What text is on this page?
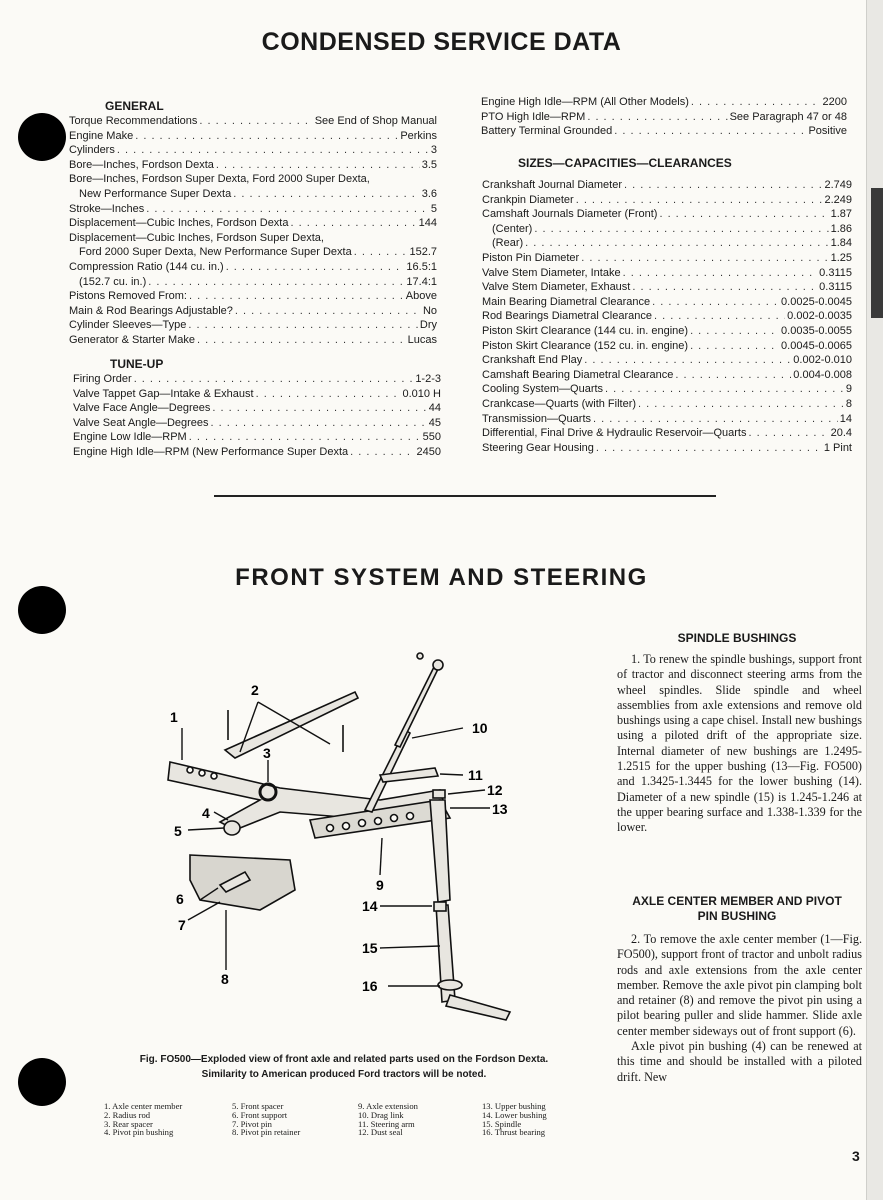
CONDENSED SERVICE DATA
GENERAL
Torque Recommendations . . .	See End of Shop Manual
Engine Make . . .	Perkins
Cylinders . . .	3
Bore—Inches, Fordson Dexta . . .	3.5
Bore—Inches, Fordson Super Dexta, Ford 2000 Super Dexta,
New Performance Super Dexta . . .	3.6
Stroke—Inches . . .	5
Displacement—Cubic Inches, Fordson Dexta . . .	144
Displacement—Cubic Inches, Fordson Super Dexta,
Ford 2000 Super Dexta, New Performance Super Dexta . . .	152.7
Compression Ratio (144 cu. in.) . . .	16.5:1
(152.7 cu. in.) . . .	17.4:1
Pistons Removed From: . . .	Above
Main & Rod Bearings Adjustable? . . .	No
Cylinder Sleeves—Type . . .	Dry
Generator & Starter Make . . .	Lucas
TUNE-UP
Firing Order . . .	1-2-3
Valve Tappet Gap—Intake & Exhaust . . .	0.010 H
Valve Face Angle—Degrees . . .	44
Valve Seat Angle—Degrees . . .	45
Engine Low Idle—RPM . . .	550
Engine High Idle—RPM (New Performance Super Dexta . . .	2450
Engine High Idle—RPM (All Other Models) . . .	2200
PTO High Idle—RPM . . .	See Paragraph 47 or 48
Battery Terminal Grounded . . .	Positive
SIZES—CAPACITIES—CLEARANCES
Crankshaft Journal Diameter . . .	2.749
Crankpin Diameter . . .	2.249
Camshaft Journals Diameter (Front) . . .	1.87
(Center) . . .	1.86
(Rear) . . .	1.84
Piston Pin Diameter . . .	1.25
Valve Stem Diameter, Intake . . .	0.3115
Valve Stem Diameter, Exhaust . . .	0.3115
Main Bearing Diametral Clearance . . .	0.0025-0.0045
Rod Bearings Diametral Clearance . . .	0.002-0.0035
Piston Skirt Clearance (144 cu. in. engine) . . .	0.0035-0.0055
Piston Skirt Clearance (152 cu. in. engine) . . .	0.0045-0.0065
Crankshaft End Play . . .	0.002-0.010
Camshaft Bearing Diametral Clearance . . .	0.004-0.008
Cooling System—Quarts . . .	9
Crankcase—Quarts (with Filter) . . .	8
Transmission—Quarts . . .	14
Differential, Final Drive & Hydraulic Reservoir—Quarts . . .	20.4
Steering Gear Housing . . .	1 Pint
FRONT SYSTEM AND STEERING
1
2
3
4
5
6
7
8
9
10
11
12
13
14
15
16
Fig. FO500—Exploded view of front axle and related parts used on the Fordson Dexta.
Similarity to American produced Ford tractors will be noted.
1. Axle center member
2. Radius rod
3. Rear spacer
4. Pivot pin bushing
5. Front spacer
6. Front support
7. Pivot pin
8. Pivot pin retainer
9. Axle extension
10. Drag link
11. Steering arm
12. Dust seal
13. Upper bushing
14. Lower bushing
15. Spindle
16. Thrust bearing
SPINDLE BUSHINGS

1. To renew the spindle bushings, support front of tractor and disconnect steering arms from the wheel spindles. Slide spindle and wheel assemblies from axle extensions and remove old bushings using a cape chisel. Install new bushings using a piloted drift of the appropriate size. Internal diameter of new bushings are 1.2495-1.2515 for the upper bushing (13—Fig. FO500) and 1.3425-1.3445 for the lower bushing (14). Diameter of a new spindle (15) is 1.245-1.246 at the upper bearing surface and 1.338-1.339 for the lower.

AXLE CENTER MEMBER AND PIVOT
PIN BUSHING

2. To remove the axle center member (1—Fig. FO500), support front of tractor and unbolt radius rods and axle extensions from the axle center member. Remove the axle pivot pin clamping bolt and retainer (8) and remove the pivot pin using a pilot bearing puller and slide hammer. Slide axle center member sideways out of front support (6).

Axle pivot pin bushing (4) can be renewed at this time and should be installed with a piloted drift. New

3
